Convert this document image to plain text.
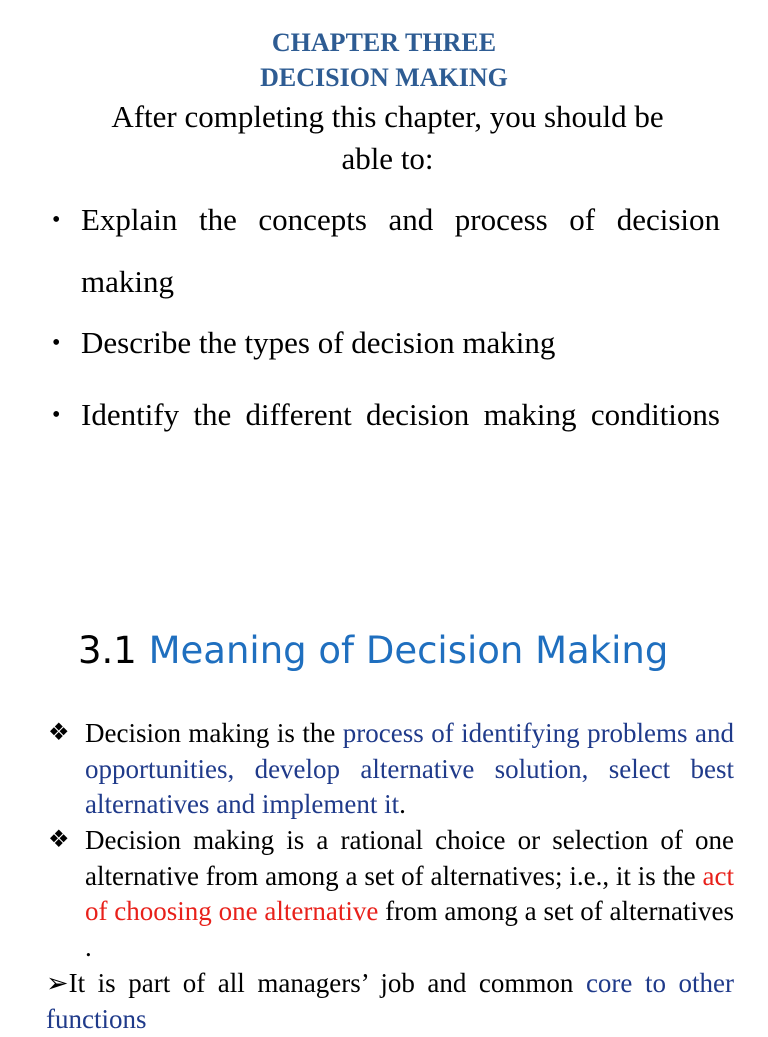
CHAPTER THREE
DECISION MAKING
After completing this chapter, you should be
able to:
• Explain the concepts and process of decision making
• Describe the types of decision making
• Identify the different decision making conditions
3.1 Meaning of Decision Making
❖ Decision making is the process of identifying problems and opportunities, develop alternative solution, select best alternatives and implement it.
❖ Decision making is a rational choice or selection of one alternative from among a set of alternatives; i.e., it is the act of choosing one alternative from among a set of alternatives .
➢It is part of all managers’ job and common core to other functions
